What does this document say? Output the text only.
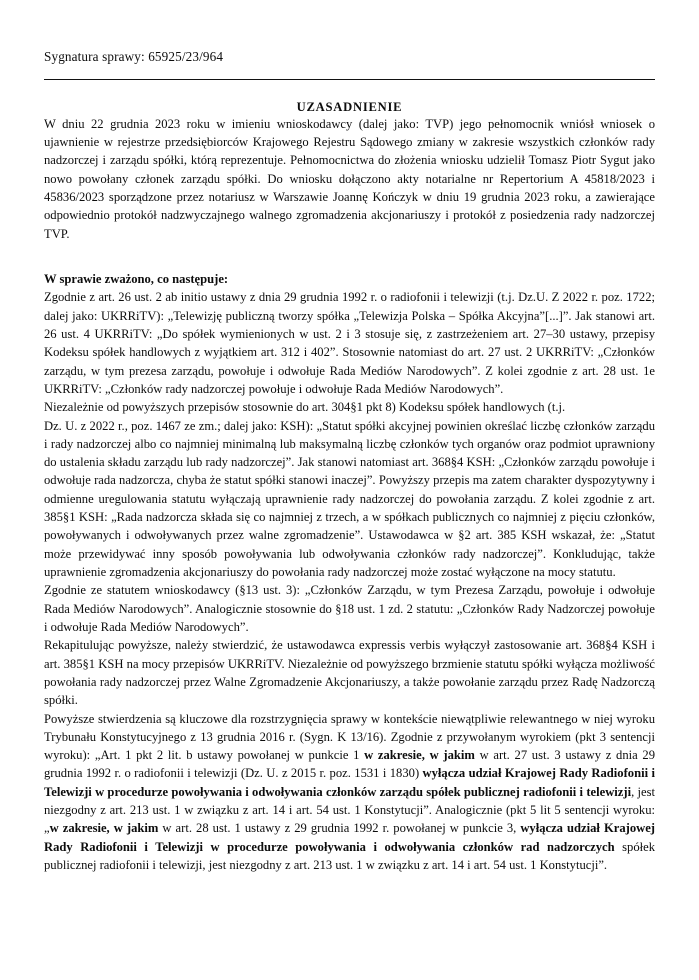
Sygnatura sprawy: 65925/23/964
UZASADNIENIE

W dniu 22 grudnia 2023 roku w imieniu wnioskodawcy (dalej jako: TVP) jego pełnomocnik wniósł wniosek o ujawnienie w rejestrze przedsiębiorców Krajowego Rejestru Sądowego zmiany w zakresie wszystkich członków rady nadzorczej i zarządu spółki, którą reprezentuje. Pełnomocnictwa do złożenia wniosku udzielił Tomasz Piotr Sygut jako nowo powołany członek zarządu spółki. Do wniosku dołączono akty notarialne nr Repertorium A 45818/2023 i 45836/2023 sporządzone przez notariusz w Warszawie Joannę Kończyk w dniu 19 grudnia 2023 roku, a zawierające odpowiednio protokół nadzwyczajnego walnego zgromadzenia akcjonariuszy i protokół z posiedzenia rady nadzorczej TVP.

W sprawie zważono, co następuje:

Zgodnie z art. 26 ust. 2 ab initio ustawy z dnia 29 grudnia 1992 r. o radiofonii i telewizji (t.j. Dz.U. Z 2022 r. poz. 1722; dalej jako: UKRRiTV): „Telewizję publiczną tworzy spółka „Telewizja Polska – Spółka Akcyjna”[...]”. Jak stanowi art. 26 ust. 4 UKRRiTV: „Do spółek wymienionych w ust. 2 i 3 stosuje się, z zastrzeżeniem art. 27–30 ustawy, przepisy Kodeksu spółek handlowych z wyjątkiem art. 312 i 402”. Stosownie natomiast do art. 27 ust. 2 UKRRiTV: „Członków zarządu, w tym prezesa zarządu, powołuje i odwołuje Rada Mediów Narodowych”. Z kolei zgodnie z art. 28 ust. 1e UKRRiTV: „Członków rady nadzorczej powołuje i odwołuje Rada Mediów Narodowych”.

Niezależnie od powyższych przepisów stosownie do art. 304§1 pkt 8) Kodeksu spółek handlowych (t.j.

Dz. U. z 2022 r., poz. 1467 ze zm.; dalej jako: KSH): „Statut spółki akcyjnej powinien określać liczbę członków zarządu i rady nadzorczej albo co najmniej minimalną lub maksymalną liczbę członków tych organów oraz podmiot uprawniony do ustalenia składu zarządu lub rady nadzorczej”. Jak stanowi natomiast art. 368§4 KSH: „Członków zarządu powołuje i odwołuje rada nadzorcza, chyba że statut spółki stanowi inaczej”. Powyższy przepis ma zatem charakter dyspozytywny i odmienne uregulowania statutu wyłączają uprawnienie rady nadzorczej do powołania zarządu. Z kolei zgodnie z art. 385§1 KSH: „Rada nadzorcza składa się co najmniej z trzech, a w spółkach publicznych co najmniej z pięciu członków, powoływanych i odwoływanych przez walne zgromadzenie”. Ustawodawca w §2 art. 385 KSH wskazał, że: „Statut może przewidywać inny sposób powoływania lub odwoływania członków rady nadzorczej”. Konkludując, także uprawnienie zgromadzenia akcjonariuszy do powołania rady nadzorczej może zostać wyłączone na mocy statutu.

Zgodnie ze statutem wnioskodawcy (§13 ust. 3): „Członków Zarządu, w tym Prezesa Zarządu, powołuje i odwołuje Rada Mediów Narodowych”. Analogicznie stosownie do §18 ust. 1 zd. 2 statutu: „Członków Rady Nadzorczej powołuje i odwołuje Rada Mediów Narodowych”.

Rekapitulując powyższe, należy stwierdzić, że ustawodawca expressis verbis wyłączył zastosowanie art. 368§4 KSH i art. 385§1 KSH na mocy przepisów UKRRiTV. Niezależnie od powyższego brzmienie statutu spółki wyłącza możliwość powołania rady nadzorczej przez Walne Zgromadzenie Akcjonariuszy, a także powołanie zarządu przez Radę Nadzorczą spółki.

Powyższe stwierdzenia są kluczowe dla rozstrzygnięcia sprawy w kontekście niewątpliwie relewantnego w niej wyroku Trybunału Konstytucyjnego z 13 grudnia 2016 r. (Sygn. K 13/16). Zgodnie z przywołanym wyrokiem (pkt 3 sentencji wyroku): „Art. 1 pkt 2 lit. b ustawy powołanej w punkcie 1 w zakresie, w jakim w art. 27 ust. 3 ustawy z dnia 29 grudnia 1992 r. o radiofonii i telewizji (Dz. U. z 2015 r. poz. 1531 i 1830) wyłącza udział Krajowej Rady Radiofonii i Telewizji w procedurze powoływania i odwoływania członków zarządu spółek publicznej radiofonii i telewizji, jest niezgodny z art. 213 ust. 1 w związku z art. 14 i art. 54 ust. 1 Konstytucji”. Analogicznie (pkt 5 lit 5 sentencji wyroku: „w zakresie, w jakim w art. 28 ust. 1 ustawy z 29 grudnia 1992 r. powołanej w punkcie 3, wyłącza udział Krajowej Rady Radiofonii i Telewizji w procedurze powoływania i odwoływania członków rad nadzorczych spółek publicznej radiofonii i telewizji, jest niezgodny z art. 213 ust. 1 w związku z art. 14 i art. 54 ust. 1 Konstytucji”.
